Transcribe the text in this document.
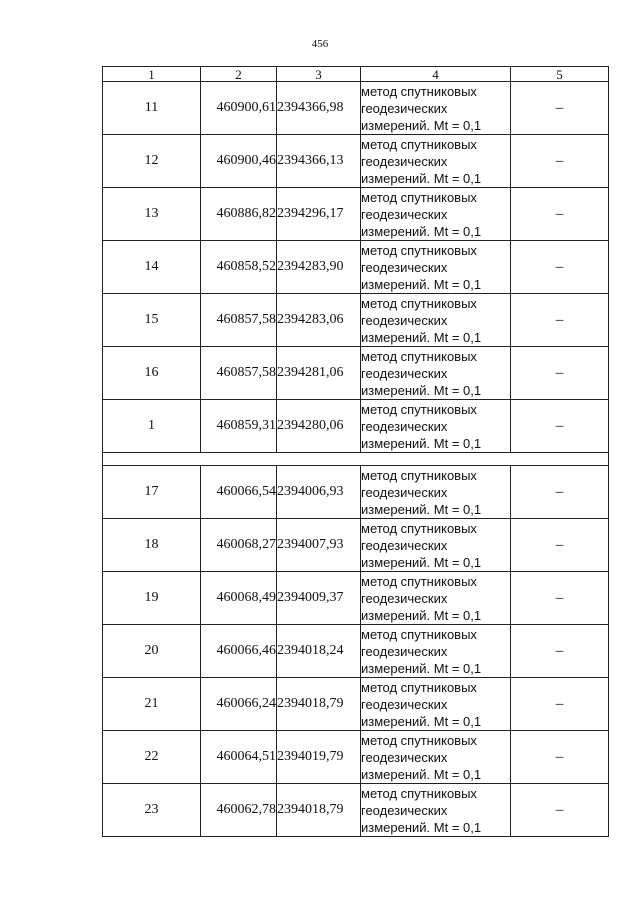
456
1	2	3	4	5
11	460900,61	2394366,98	метод спутниковых
геодезических
измерений. Mt = 0,1	–
12	460900,46	2394366,13	метод спутниковых
геодезических
измерений. Mt = 0,1	–
13	460886,82	2394296,17	метод спутниковых
геодезических
измерений. Mt = 0,1	–
14	460858,52	2394283,90	метод спутниковых
геодезических
измерений. Mt = 0,1	–
15	460857,58	2394283,06	метод спутниковых
геодезических
измерений. Mt = 0,1	–
16	460857,58	2394281,06	метод спутниковых
геодезических
измерений. Mt = 0,1	–
1	460859,31	2394280,06	метод спутниковых
геодезических
измерений. Mt = 0,1	–

17	460066,54	2394006,93	метод спутниковых
геодезических
измерений. Mt = 0,1	–
18	460068,27	2394007,93	метод спутниковых
геодезических
измерений. Mt = 0,1	–
19	460068,49	2394009,37	метод спутниковых
геодезических
измерений. Mt = 0,1	–
20	460066,46	2394018,24	метод спутниковых
геодезических
измерений. Mt = 0,1	–
21	460066,24	2394018,79	метод спутниковых
геодезических
измерений. Mt = 0,1	–
22	460064,51	2394019,79	метод спутниковых
геодезических
измерений. Mt = 0,1	–
23	460062,78	2394018,79	метод спутниковых
геодезических
измерений. Mt = 0,1	–
